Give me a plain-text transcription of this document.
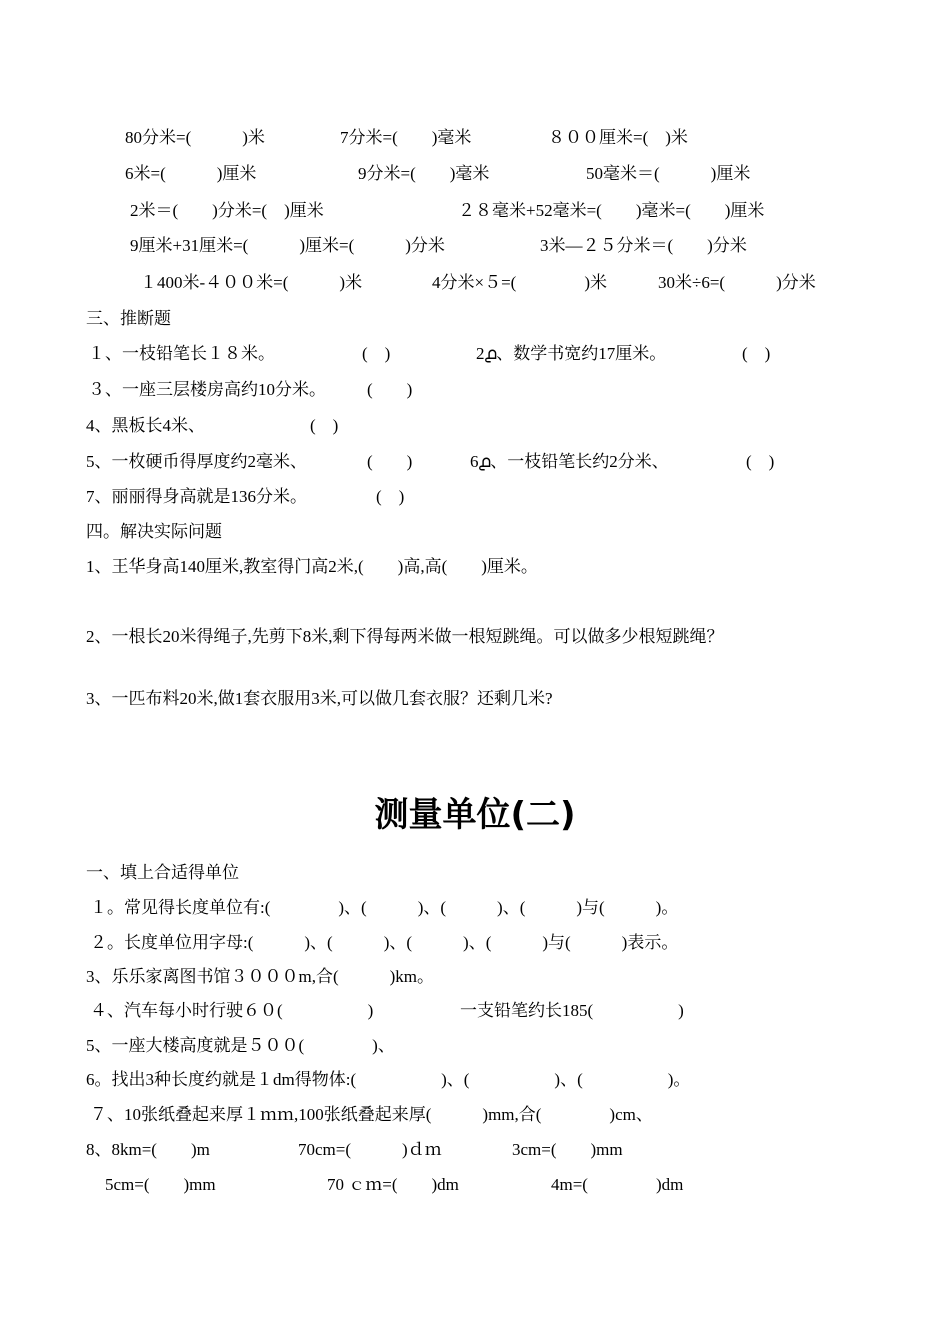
80分米=(　　　)米	7分米=(　　)毫米	８００厘米=(　)米
6米=(　　　)厘米	9分米=(　　)毫米	50毫米＝(　　　)厘米
2米＝(　　)分米=(　)厘米	２８毫米+52毫米=(　　)毫米=(　　)厘米
9厘米+31厘米=(　　　)厘米=(　　　)分米	3米—２５分米＝(　　)分米
１400米-４００米=(　　　)米	4分米×５=(　　　　)米	30米÷6=(　　　)分米
三、推断题
１、一枝铅笔长１８米。	(　)	2൧、数学书宽约17厘米。	(　)
３、一座三层楼房高约10分米。 (　　)
4、黑板长4米、	(　)
5、一枚硬币得厚度约2毫米、	(　　)	6൧、一枝铅笔长约2分米、	(　)
7、丽丽得身高就是136分米。	(　)
四。解决实际问题
1、王华身高140厘米,教室得门高2米,(　　)高,高(　　)厘米。
2、一根长20米得绳子,先剪下8米,剩下得每两米做一根短跳绳。可以做多少根短跳绳？
3、一匹布料20米,做1套衣服用3米,可以做几套衣服？还剩几米?
测量单位(二)
一、填上合适得单位
１。常见得长度单位有:(　　　　)、(　　　)、(　　　)、(　　　)与(　　　)。
２。长度单位用字母:(　　　)、(　　　)、(　　　)、(　　　)与(　　　)表示。
3、乐乐家离图书馆３０００m,合(　　　)km。
４、汽车每小时行驶６０(　　　　　)	一支铅笔约长185(　　　　　)
5、一座大楼高度就是５００(　　　　)、
6。找出3种长度约就是１dm得物体:(　　　　　)、(　　　　　)、(　　　　　)。
７、10张纸叠起来厚１ｍｍ,100张纸叠起来厚(　　　)mm,合(　　　　)cm、
8、8km=(　　)m	70cm=(　　　)ｄｍ	3cm=(　　)mm
5cm=(　　)mm	70 ｃｍ=(　　)dm	4m=(　　　　)dm
